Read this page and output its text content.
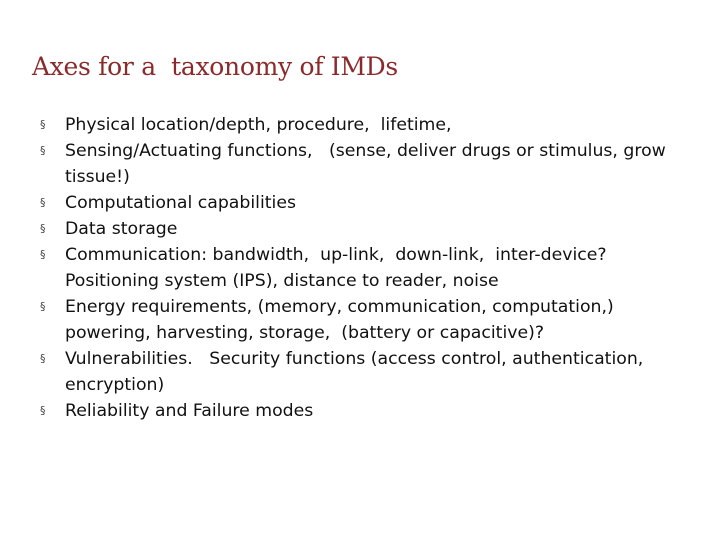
Axes for a  taxonomy of IMDs
§	Physical location/depth, procedure,  lifetime,
§	Sensing/Actuating functions,   (sense, deliver drugs or stimulus, grow tissue!)
§	Computational capabilities
§	Data storage
§	Communication: bandwidth,  up-link,  down-link,  inter-device? Positioning system (IPS), distance to reader, noise
§	Energy requirements, (memory, communication, computation,) powering, harvesting, storage,  (battery or capacitive)?
§	Vulnerabilities.   Security functions (access control, authentication, encryption)
§	Reliability and Failure modes
